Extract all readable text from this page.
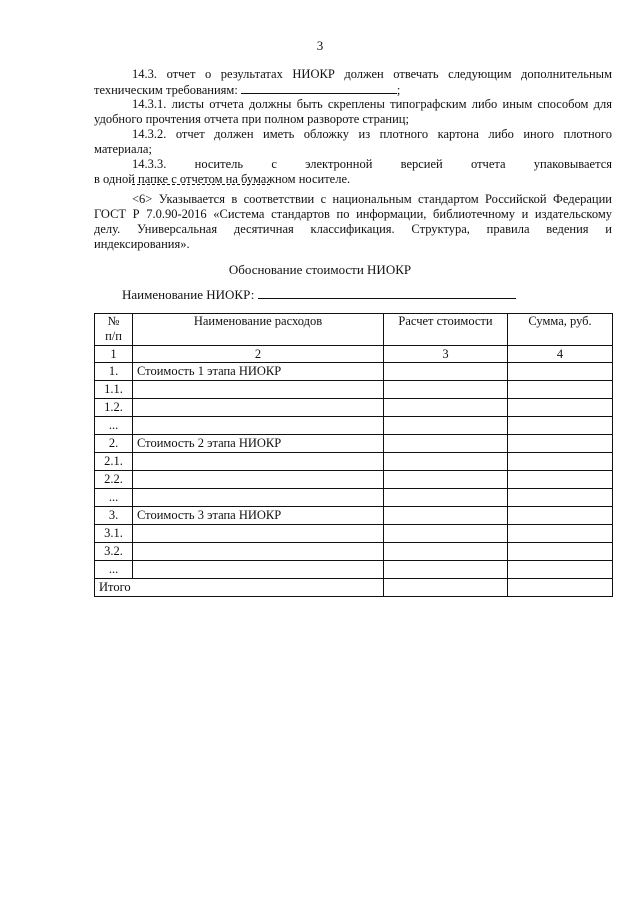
3
14.3. отчет о результатах НИОКР должен отвечать следующим дополнительным
техническим требованиям:	;
14.3.1. листы отчета должны быть скреплены типографским либо иным способом для
удобного прочтения отчета при полном развороте страниц;
14.3.2. отчет должен иметь обложку из плотного картона либо иного плотного
материала;
14.3.3. носитель с электронной версией отчета упаковывается
в одной папке с отчетом на бумажном носителе.
<6> Указывается в соответствии с национальным стандартом Российской Федерации
ГОСТ Р 7.0.90-2016 «Система стандартов по информации, библиотечному и издательскому
делу. Универсальная десятичная классификация. Структура, правила ведения и
индексирования».
Обоснование стоимости НИОКР
Наименование НИОКР:
№
п/п	Наименование расходов	Расчет стоимости	Сумма, руб.
1	2	3	4
1.	Стоимость 1 этапа НИОКР		
1.1.			
1.2.			
...			
2.	Стоимость 2 этапа НИОКР		
2.1.			
2.2.			
...			
3.	Стоимость 3 этапа НИОКР		
3.1.			
3.2.			
...			
Итого			
